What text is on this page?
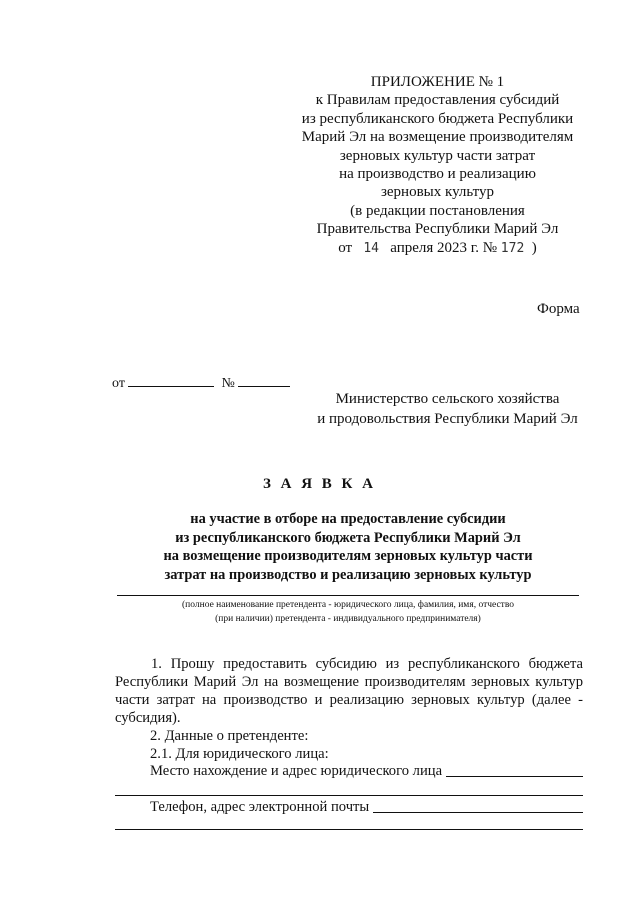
ПРИЛОЖЕНИЕ № 1
к Правилам предоставления субсидий
из республиканского бюджета Республики
Марий Эл на возмещение производителям
зерновых культур части затрат
на производство и реализацию
зерновых культур
(в редакции постановления
Правительства Республики Марий Эл
от 14 апреля 2023 г. № 172 )
Форма
от	№
Министерство сельского хозяйства
и продовольствия Республики Марий Эл
З А Я В К А
на участие в отборе на предоставление субсидии
из республиканского бюджета Республики Марий Эл
на возмещение производителям зерновых культур части
затрат на производство и реализацию зерновых культур
(полное наименование претендента - юридического лица, фамилия, имя, отчество
(при наличии) претендента - индивидуального предпринимателя)
1. Прошу предоставить субсидию из республиканского бюджета
Республики Марий Эл на возмещение производителям зерновых культур
части затрат на производство и реализацию зерновых культур (далее -
субсидия).
2. Данные о претенденте:
2.1. Для юридического лица:
Место нахождение и адрес юридического лица
Телефон, адрес электронной почты
